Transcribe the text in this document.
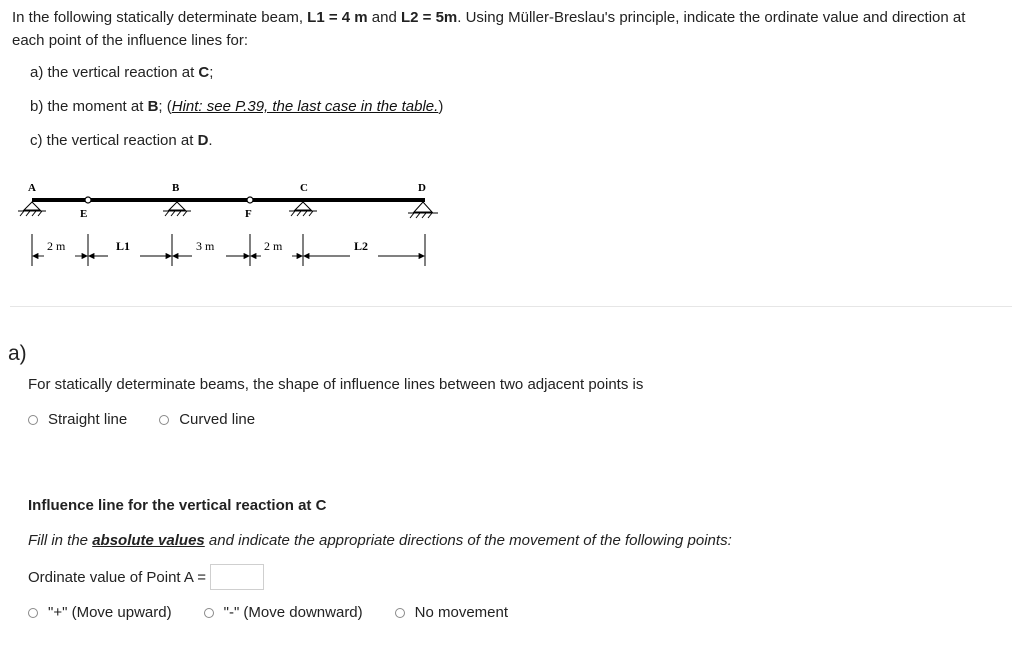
In the following statically determinate beam, L1 = 4 m and L2 = 5m. Using Müller-Breslau's principle, indicate the ordinate value and direction at each point of the influence lines for:
a) the vertical reaction at C;
b) the moment at B; (Hint: see P.39, the last case in the table.)
c) the vertical reaction at D.
A
E
B
F
C	D
2 m	L1	3 m	2 m	L2
a)
For statically determinate beams, the shape of influence lines between two adjacent points is
Straight line	Curved line
Influence line for the vertical reaction at C
Fill in the absolute values and indicate the appropriate directions of the movement of the following points:
Ordinate value of Point A =
"+" (Move upward)	"-" (Move downward)	No movement
